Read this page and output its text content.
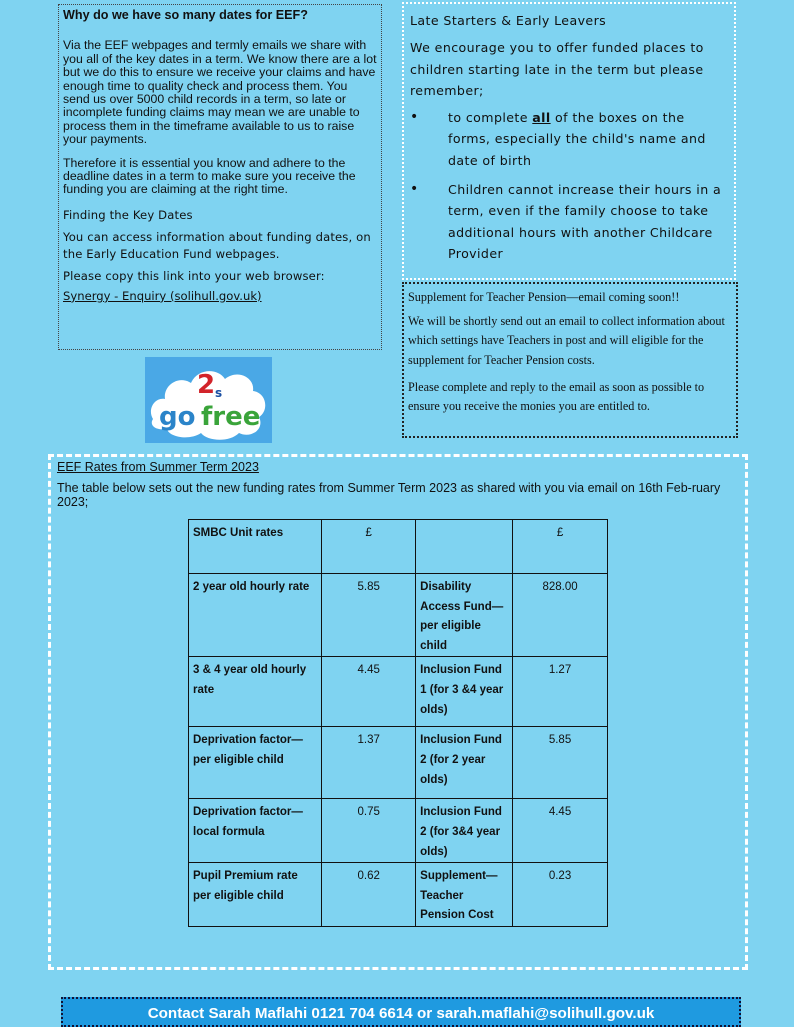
Why do we have so many dates for EEF?

Via the EEF webpages and termly emails we share with you all of the key dates in a term. We know there are a lot but we do this to ensure we receive your claims and have enough time to quality check and process them. You send us over 5000 child records in a term, so late or incomplete funding claims may mean we are unable to process them in the timeframe available to us to raise your payments.

Therefore it is essential you know and adhere to the deadline dates in a term to make sure you receive the funding you are claiming at the right time.

Finding the Key Dates

You can access information about funding dates, on the Early Education Fund webpages.

Please copy this link into your web browser:

Synergy - Enquiry (solihull.gov.uk)

Late Starters & Early Leavers

We encourage you to offer funded places to children starting late in the term but please remember;

• to complete all of the boxes on the forms, especially the child's name and date of birth
• Children cannot increase their hours in a term, even if the family choose to take additional hours with another Childcare Provider

Supplement for Teacher Pension—email coming soon!!

We will be shortly send out an email to collect information about which settings have Teachers in post and will eligible for the supplement for Teacher Pension costs.

Please complete and reply to the email as soon as possible to ensure you receive the monies you are entitled to.

2 s
go free

EEF Rates from Summer Term 2023

The table below sets out the new funding rates from Summer Term 2023 as shared with you via email on 16th Feb-ruary 2023;

SMBC Unit rates	£		£
2 year old hourly rate	5.85	Disability Access Fund—per eligible child	828.00
3 & 4 year old hourly rate	4.45	Inclusion Fund 1 (for 3 &4 year olds)	1.27
Deprivation factor—per eligible child	1.37	Inclusion Fund 2 (for 2 year olds)	5.85
Deprivation factor—local formula	0.75	Inclusion Fund 2 (for 3&4 year olds)	4.45
Pupil Premium rate per eligible child	0.62	Supplement—Teacher Pension Cost	0.23
Contact Sarah Maflahi 0121 704 6614 or sarah.maflahi@solihull.gov.uk
